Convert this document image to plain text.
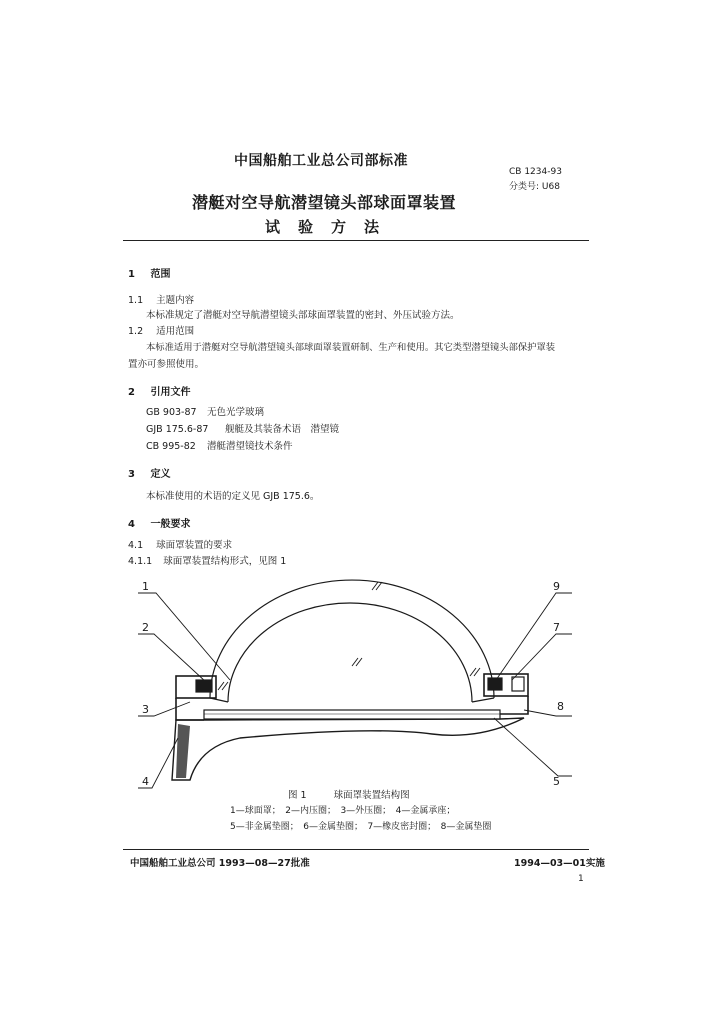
中国船舶工业总公司部标准
CB 1234-93
分类号: U68
潜艇对空导航潜望镜头部球面罩装置
试验方法
1 范围
1.1 主题内容
本标准规定了潜艇对空导航潜望镜头部球面罩装置的密封、外压试验方法。
1.2 适用范围
本标准适用于潜艇对空导航潜望镜头部球面罩装置研制、生产和使用。其它类型潜望镜头部保护罩装
置亦可参照使用。
2 引用文件
GB 903-87 无色光学玻璃
GJB 175.6-87 舰艇及其装备术语　潜望镜
CB 995-82 潜艇潜望镜技术条件
3 定义
本标准使用的术语的定义见 GJB 175.6。
4 一般要求
4.1 球面罩装置的要求
4.1.1 球面罩装置结构形式，见图 1
1
2
3
4	5
8
7
9
图 1	球面罩装置结构图
1—球面罩；　2—内压圈；　3—外压圈；　4—金属承座；
5—非金属垫圈；　6—金属垫圈；　7—橡皮密封圈；　8—金属垫圈
中国船舶工业总公司 1993—08—27批准	1994—03—01实施
1
